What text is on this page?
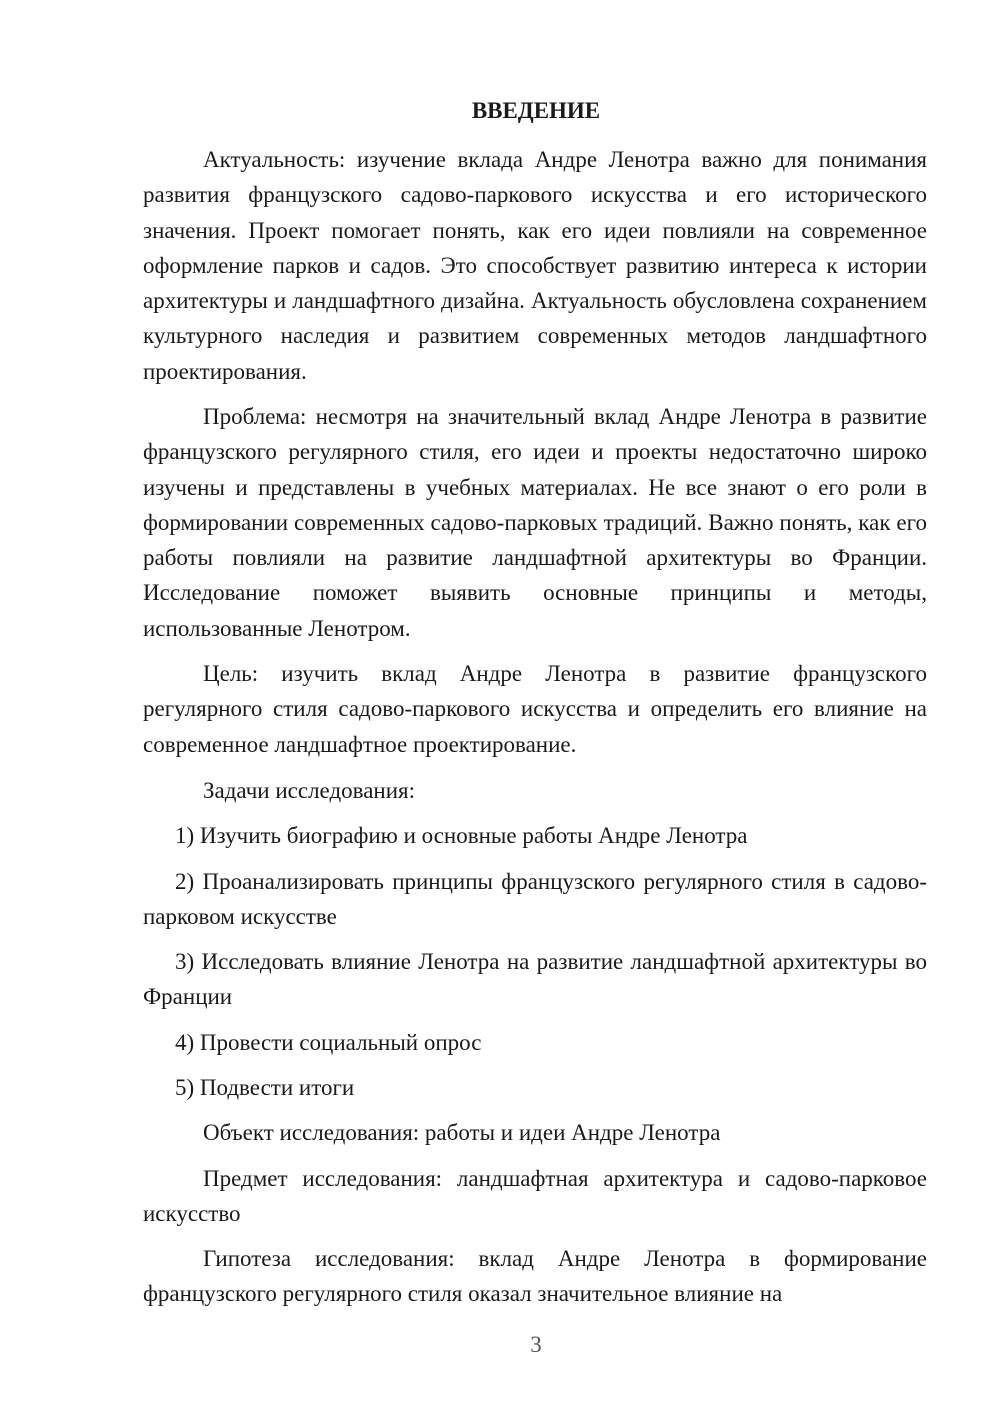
ВВЕДЕНИЕ

Актуальность: изучение вклада Андре Ленотра важно для понимания развития французского садово-паркового искусства и его исторического значения. Проект помогает понять, как его идеи повлияли на современное оформление парков и садов. Это способствует развитию интереса к истории архитектуры и ландшафтного дизайна. Актуальность обусловлена сохранением культурного наследия и развитием современных методов ландшафтного проектирования.

Проблема: несмотря на значительный вклад Андре Ленотра в развитие французского регулярного стиля, его идеи и проекты недостаточно широко изучены и представлены в учебных материалах. Не все знают о его роли в формировании современных садово-парковых традиций. Важно понять, как его работы повлияли на развитие ландшафтной архитектуры во Франции. Исследование поможет выявить основные принципы и методы, использованные Ленотром.

Цель: изучить вклад Андре Ленотра в развитие французского регулярного стиля садово-паркового искусства и определить его влияние на современное ландшафтное проектирование.

Задачи исследования:

1) Изучить биографию и основные работы Андре Ленотра

2) Проанализировать принципы французского регулярного стиля в садово-парковом искусстве

3) Исследовать влияние Ленотра на развитие ландшафтной архитектуры во Франции

4) Провести социальный опрос

5) Подвести итоги

Объект исследования: работы и идеи Андре Ленотра

Предмет исследования: ландшафтная архитектура и садово-парковое искусство

Гипотеза исследования: вклад Андре Ленотра в формирование французского регулярного стиля оказал значительное влияние на

3
